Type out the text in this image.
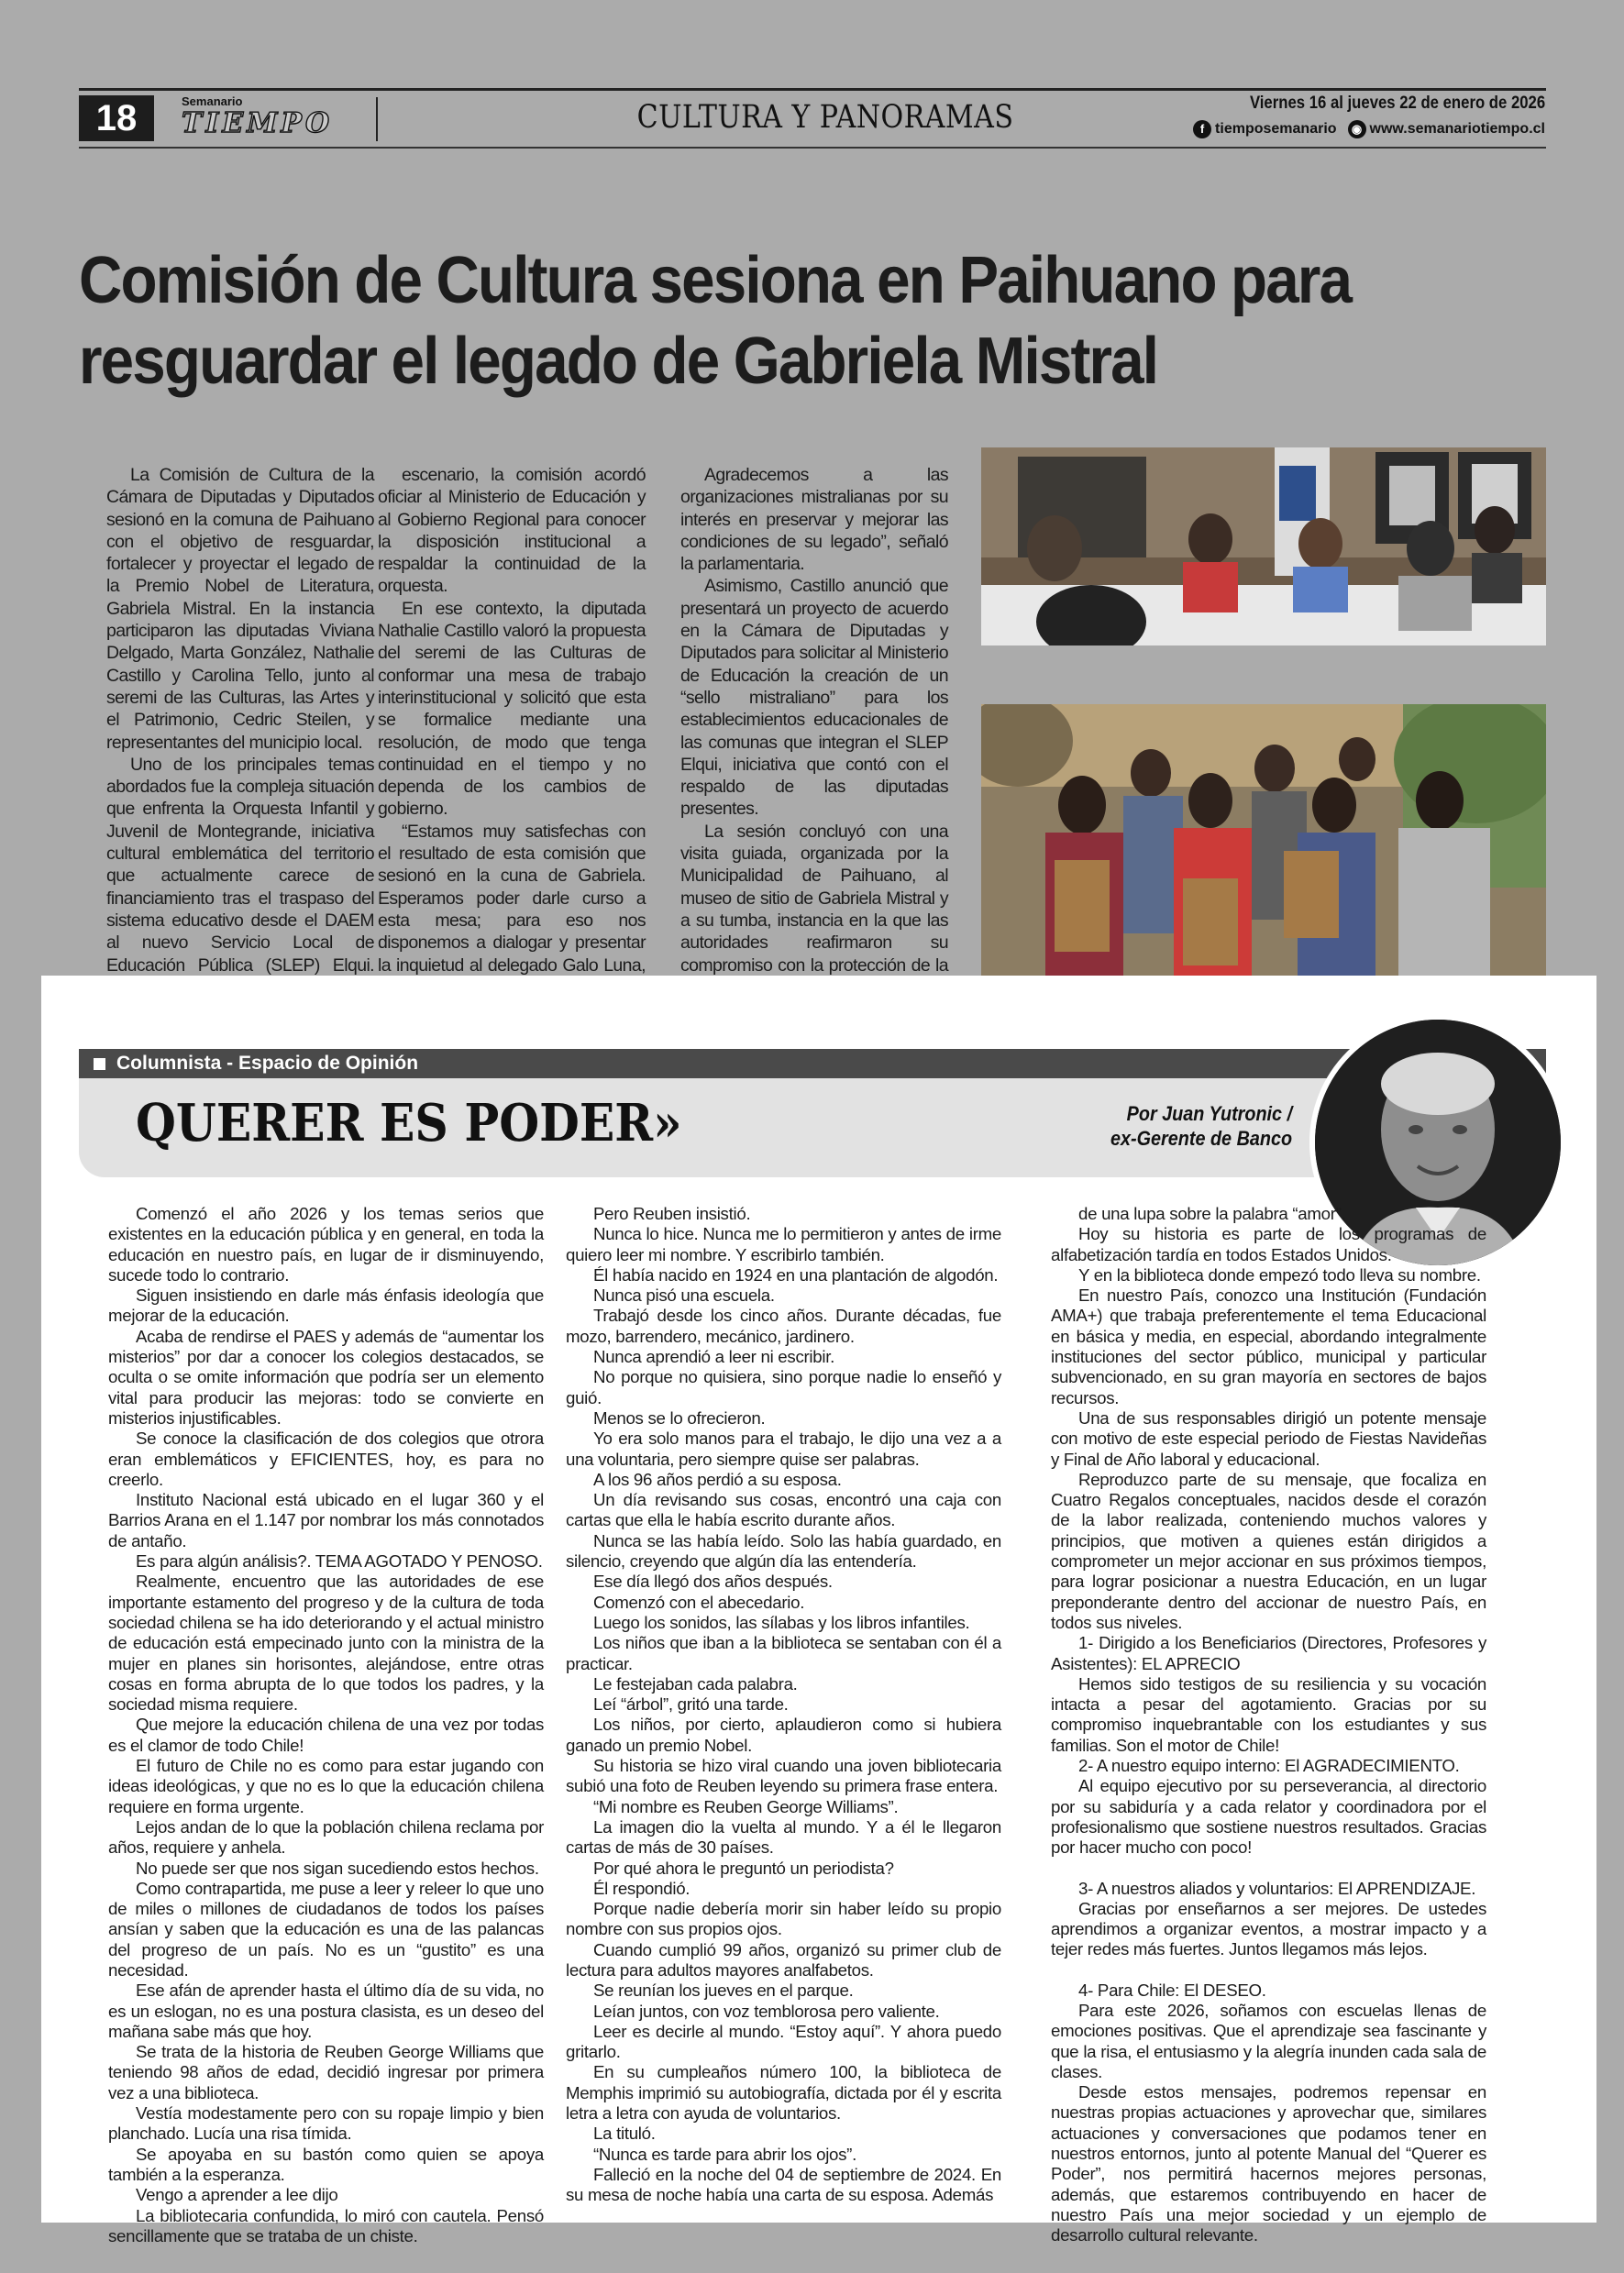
18	Semanario
TIEMPO	CULTURA Y PANORAMAS	Viernes 16 al jueves 22 de enero de 2026
f tiemposemanario	◉ www.semanariotiempo.cl
Comisión de Cultura sesiona en Paihuano para resguardar el legado de Gabriela Mistral

La Comisión de Cultura de la Cámara de Diputadas y Diputados sesionó en la comuna de Paihuano con el objetivo de resguardar, fortalecer y proyectar el legado de la Premio Nobel de Literatura, Gabriela Mistral. En la instancia participaron las diputadas Viviana Delgado, Marta González, Nathalie Castillo y Carolina Tello, junto al seremi de las Culturas, las Artes y el Patrimonio, Cedric Steilen, y representantes del municipio local.

Uno de los principales temas abordados fue la compleja situación que enfrenta la Orquesta Infantil y Juvenil de Montegrande, iniciativa cultural emblemática del territorio que actualmente carece de financiamiento tras el traspaso del sistema educativo desde el DAEM al nuevo Servicio Local de Educación Pública (SLEP) Elqui.

escenario, la comisión acordó oficiar al Ministerio de Educación y al Gobierno Regional para conocer la disposición institucional a respaldar la continuidad de la orquesta.

En ese contexto, la diputada Nathalie Castillo valoró la propuesta del seremi de las Culturas de conformar una mesa de trabajo interinstitucional y solicitó que esta se formalice mediante una resolución, de modo que tenga continuidad en el tiempo y no dependa de los cambios de gobierno.

“Estamos muy satisfechas con el resultado de esta comisión que sesionó en la cuna de Gabriela. Esperamos poder darle curso a esta mesa; para eso nos disponemos a dialogar y presentar la inquietud al delegado Galo Luna,

Agradecemos a las organizaciones mistralianas por su interés en preservar y mejorar las condiciones de su legado”, señaló la parlamentaria.

Asimismo, Castillo anunció que presentará un proyecto de acuerdo en la Cámara de Diputadas y Diputados para solicitar al Ministerio de Educación la creación de un “sello mistraliano” para los establecimientos educacionales de las comunas que integran el SLEP Elqui, iniciativa que contó con el respaldo de las diputadas presentes.

La sesión concluyó con una visita guiada, organizada por la Municipalidad de Paihuano, al museo de sitio de Gabriela Mistral y a su tumba, instancia en la que las autoridades reafirmaron su compromiso con la protección de la

Columnista - Espacio de Opinión
QUERER ES PODER»	Por Juan Yutronic /
ex-Gerente de Banco

Comenzó el año 2026 y los temas serios que existentes en la educación pública y en general, en toda la educación en nuestro país, en lugar de ir disminuyendo, sucede todo lo contrario.

Siguen insistiendo en darle más énfasis ideología que mejorar de la educación.

Acaba de rendirse el PAES y además de “aumentar los misterios” por dar a conocer los colegios destacados, se oculta o se omite información que podría ser un elemento vital para producir las mejoras: todo se convierte en misterios injustificables.

Se conoce la clasificación de dos colegios que otrora eran emblemáticos y EFICIENTES, hoy, es para no creerlo.

Instituto Nacional está ubicado en el lugar 360 y el Barrios Arana en el 1.147 por nombrar los más connotados de antaño.

Es para algún análisis?. TEMA AGOTADO Y PENOSO.

Realmente, encuentro que las autoridades de ese importante estamento del progreso y de la cultura de toda sociedad chilena se ha ido deteriorando y el actual ministro de educación está empecinado junto con la ministra de la mujer en planes sin horisontes, alejándose, entre otras cosas en forma abrupta de lo que todos los padres, y la sociedad misma requiere.

Que mejore la educación chilena de una vez por todas es el clamor de todo Chile!

El futuro de Chile no es como para estar jugando con ideas ideológicas, y que no es lo que la educación chilena requiere en forma urgente.

Lejos andan de lo que la población chilena reclama por años, requiere y anhela.

No puede ser que nos sigan sucediendo estos hechos.

Como contrapartida, me puse a leer y releer lo que uno de miles o millones de ciudadanos de todos los países ansían y saben que la educación es una de las palancas del progreso de un país. No es un “gustito” es una necesidad.

Ese afán de aprender hasta el último día de su vida, no es un eslogan, no es una postura clasista, es un deseo del mañana sabe más que hoy.

Se trata de la historia de Reuben George Williams que teniendo 98 años de edad, decidió ingresar por primera vez a una biblioteca.

Vestía modestamente pero con su ropaje limpio y bien planchado. Lucía una risa tímida.

Se apoyaba en su bastón como quien se apoya también a la esperanza.

Vengo a aprender a lee dijo

La bibliotecaria confundida, lo miró con cautela. Pensó sencillamente que se trataba de un chiste.

Pero Reuben insistió.

Nunca lo hice. Nunca me lo permitieron y antes de irme quiero leer mi nombre. Y escribirlo también.

Él había nacido en 1924 en una plantación de algodón.

Nunca pisó una escuela.

Trabajó desde los cinco años. Durante décadas, fue mozo, barrendero, mecánico, jardinero.

Nunca aprendió a leer ni escribir.

No porque no quisiera, sino porque nadie lo enseñó y guió.

Menos se lo ofrecieron.

Yo era solo manos para el trabajo, le dijo una vez a a una voluntaria, pero siempre quise ser palabras.

A los 96 años perdió a su esposa.

Un día revisando sus cosas, encontró una caja con cartas que ella le había escrito durante años.

Nunca se las había leído. Solo las había guardado, en silencio, creyendo que algún día las entendería.

Ese día llegó dos años después.

Comenzó con el abecedario.

Luego los sonidos, las sílabas y los libros infantiles.

Los niños que iban a la biblioteca se sentaban con él a practicar.

Le festejaban cada palabra.

Leí “árbol”, gritó una tarde.

Los niños, por cierto, aplaudieron como si hubiera ganado un premio Nobel.

Su historia se hizo viral cuando una joven bibliotecaria subió una foto de Reuben leyendo su primera frase entera.

“Mi nombre es Reuben George Williams”.

La imagen dio la vuelta al mundo. Y a él le llegaron cartas de más de 30 países.

Por qué ahora le preguntó un periodista?

Él respondió.

Porque nadie debería morir sin haber leído su propio nombre con sus propios ojos.

Cuando cumplió 99 años, organizó su primer club de lectura para adultos mayores analfabetos.

Se reunían los jueves en el parque.

Leían juntos, con voz temblorosa pero valiente.

Leer es decirle al mundo. “Estoy aquí”. Y ahora puedo gritarlo.

En su cumpleaños número 100, la biblioteca de Memphis imprimió su autobiografía, dictada por él y escrita letra a letra con ayuda de voluntarios.

La tituló.

“Nunca es tarde para abrir los ojos”.

Falleció en la noche del 04 de septiembre de 2024. En su mesa de noche había una carta de su esposa. Además

de una lupa sobre la palabra “amor”.

Hoy su historia es parte de los programas de alfabetización tardía en todos Estados Unidos.

Y en la biblioteca donde empezó todo lleva su nombre.

En nuestro País, conozco una Institución (Fundación AMA+) que trabaja preferentemente el tema Educacional en básica y media, en especial, abordando integralmente instituciones del sector público, municipal y particular subvencionado, en su gran mayoría en sectores de bajos recursos.

Una de sus responsables dirigió un potente mensaje con motivo de este especial periodo de Fiestas Navideñas y Final de Año laboral y educacional.

Reproduzco parte de su mensaje, que focaliza en Cuatro Regalos conceptuales, nacidos desde el corazón de la labor realizada, conteniendo muchos valores y principios, que motiven a quienes están dirigidos a comprometer un mejor accionar en sus próximos tiempos, para lograr posicionar a nuestra Educación, en un lugar preponderante dentro del accionar de nuestro País, en todos sus niveles.

1- Dirigido a los Beneficiarios (Directores, Profesores y Asistentes): EL APRECIO

Hemos sido testigos de su resiliencia y su vocación intacta a pesar del agotamiento. Gracias por su compromiso inquebrantable con los estudiantes y sus familias. Son el motor de Chile!

2- A nuestro equipo interno: El AGRADECIMIENTO.

Al equipo ejecutivo por su perseverancia, al directorio por su sabiduría y a cada relator y coordinadora por el profesionalismo que sostiene nuestros resultados. Gracias por hacer mucho con poco!

3- A nuestros aliados y voluntarios: El APRENDIZAJE.

Gracias por enseñarnos a ser mejores. De ustedes aprendimos a organizar eventos, a mostrar impacto y a tejer redes más fuertes. Juntos llegamos más lejos.

4- Para Chile: El DESEO.

Para este 2026, soñamos con escuelas llenas de emociones positivas. Que el aprendizaje sea fascinante y que la risa, el entusiasmo y la alegría inunden cada sala de clases.

Desde estos mensajes, podremos repensar en nuestras propias actuaciones y aprovechar que, similares actuaciones y conversaciones que podamos tener en nuestros entornos, junto al potente Manual del “Querer es Poder”, nos permitirá hacernos mejores personas, además, que estaremos contribuyendo en hacer de nuestro País una mejor sociedad y un ejemplo de desarrollo cultural relevante.
